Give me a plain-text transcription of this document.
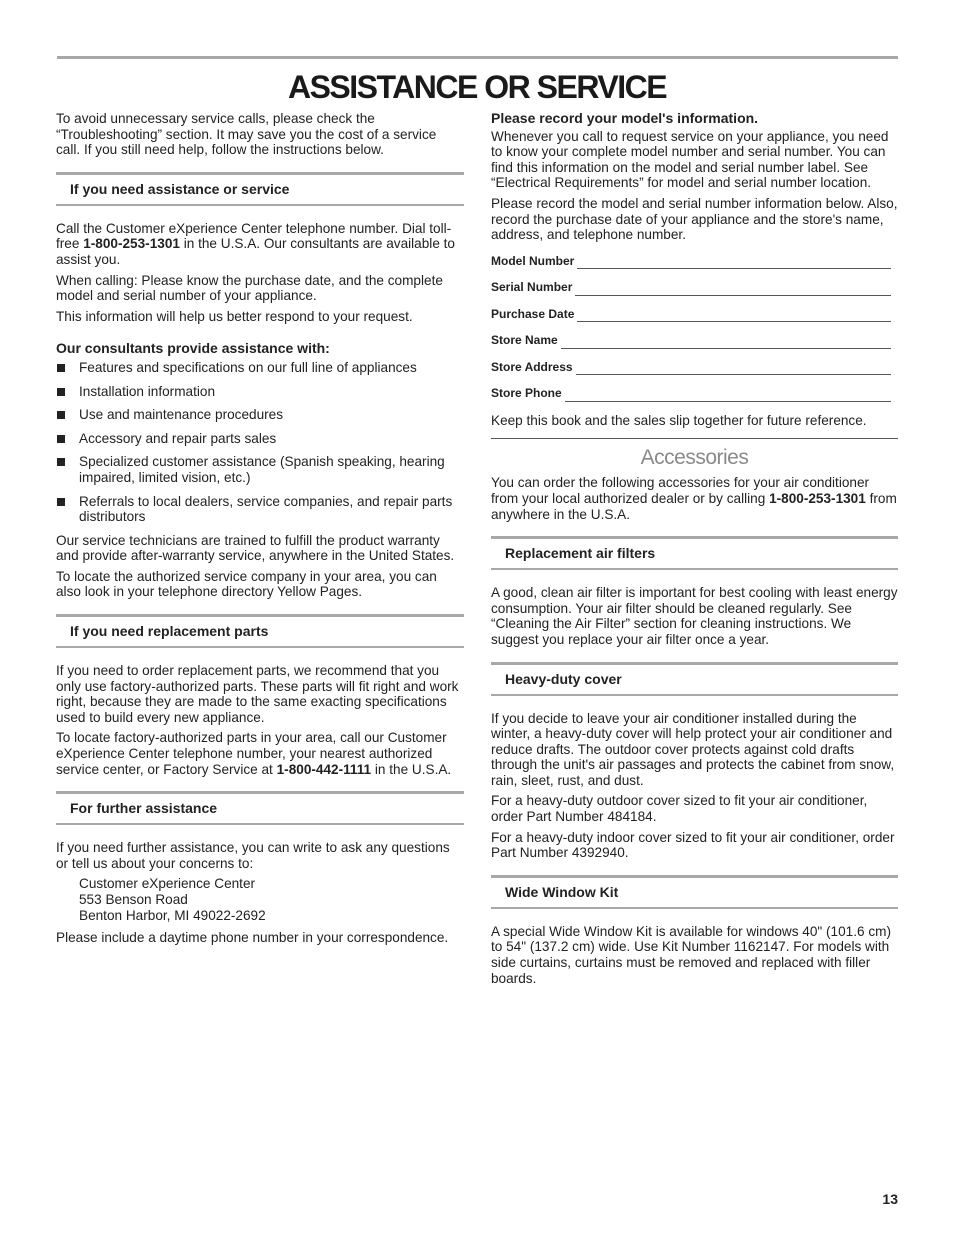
ASSISTANCE OR SERVICE

To avoid unnecessary service calls, please check the “Troubleshooting” section. It may save you the cost of a service call. If you still need help, follow the instructions below.

If you need assistance or service

Call the Customer eXperience Center telephone number. Dial toll-free 1-800-253-1301 in the U.S.A. Our consultants are available to assist you.

When calling: Please know the purchase date, and the complete model and serial number of your appliance.

This information will help us better respond to your request.

Our consultants provide assistance with:
Features and specifications on our full line of appliances
Installation information
Use and maintenance procedures
Accessory and repair parts sales
Specialized customer assistance (Spanish speaking, hearing impaired, limited vision, etc.)
Referrals to local dealers, service companies, and repair parts distributors

Our service technicians are trained to fulfill the product warranty and provide after-warranty service, anywhere in the United States.

To locate the authorized service company in your area, you can also look in your telephone directory Yellow Pages.

If you need replacement parts

If you need to order replacement parts, we recommend that you only use factory-authorized parts. These parts will fit right and work right, because they are made to the same exacting specifications used to build every new appliance.

To locate factory-authorized parts in your area, call our Customer eXperience Center telephone number, your nearest authorized service center, or Factory Service at 1-800-442-1111 in the U.S.A.

For further assistance

If you need further assistance, you can write to ask any questions or tell us about your concerns to:

Customer eXperience Center
553 Benson Road
Benton Harbor, MI 49022-2692

Please include a daytime phone number in your correspondence.

Please record your model's information.

Whenever you call to request service on your appliance, you need to know your complete model number and serial number. You can find this information on the model and serial number label. See “Electrical Requirements” for model and serial number location.

Please record the model and serial number information below. Also, record the purchase date of your appliance and the store's name, address, and telephone number.

Model Number
Serial Number
Purchase Date
Store Name
Store Address
Store Phone

Keep this book and the sales slip together for future reference.

Accessories

You can order the following accessories for your air conditioner from your local authorized dealer or by calling 1-800-253-1301 from anywhere in the U.S.A.

Replacement air filters

A good, clean air filter is important for best cooling with least energy consumption. Your air filter should be cleaned regularly. See “Cleaning the Air Filter” section for cleaning instructions. We suggest you replace your air filter once a year.

Heavy-duty cover

If you decide to leave your air conditioner installed during the winter, a heavy-duty cover will help protect your air conditioner and reduce drafts. The outdoor cover protects against cold drafts through the unit's air passages and protects the cabinet from snow, rain, sleet, rust, and dust.

For a heavy-duty outdoor cover sized to fit your air conditioner, order Part Number 484184.

For a heavy-duty indoor cover sized to fit your air conditioner, order Part Number 4392940.

Wide Window Kit

A special Wide Window Kit is available for windows 40" (101.6 cm) to 54" (137.2 cm) wide. Use Kit Number 1162147. For models with side curtains, curtains must be removed and replaced with filler boards.

13
